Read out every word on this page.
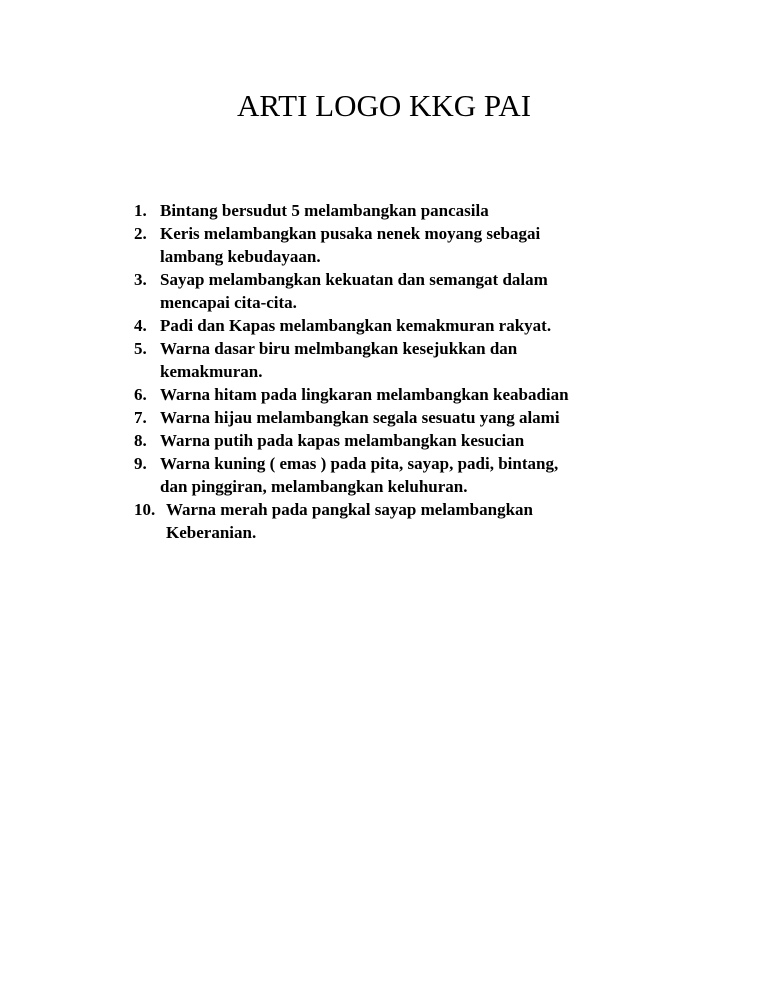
ARTI LOGO KKG PAI
1. Bintang bersudut 5 melambangkan pancasila
2. Keris melambangkan pusaka nenek moyang sebagai
lambang kebudayaan.
3. Sayap melambangkan kekuatan dan semangat dalam
mencapai cita-cita.
4. Padi dan Kapas melambangkan kemakmuran rakyat.
5. Warna dasar biru melmbangkan kesejukkan dan
kemakmuran.
6. Warna hitam pada lingkaran melambangkan keabadian
7. Warna hijau melambangkan segala sesuatu yang alami
8. Warna putih pada kapas melambangkan kesucian
9. Warna kuning ( emas ) pada pita, sayap, padi, bintang,
dan pinggiran, melambangkan keluhuran.
10. Warna merah pada pangkal sayap melambangkan
Keberanian.
